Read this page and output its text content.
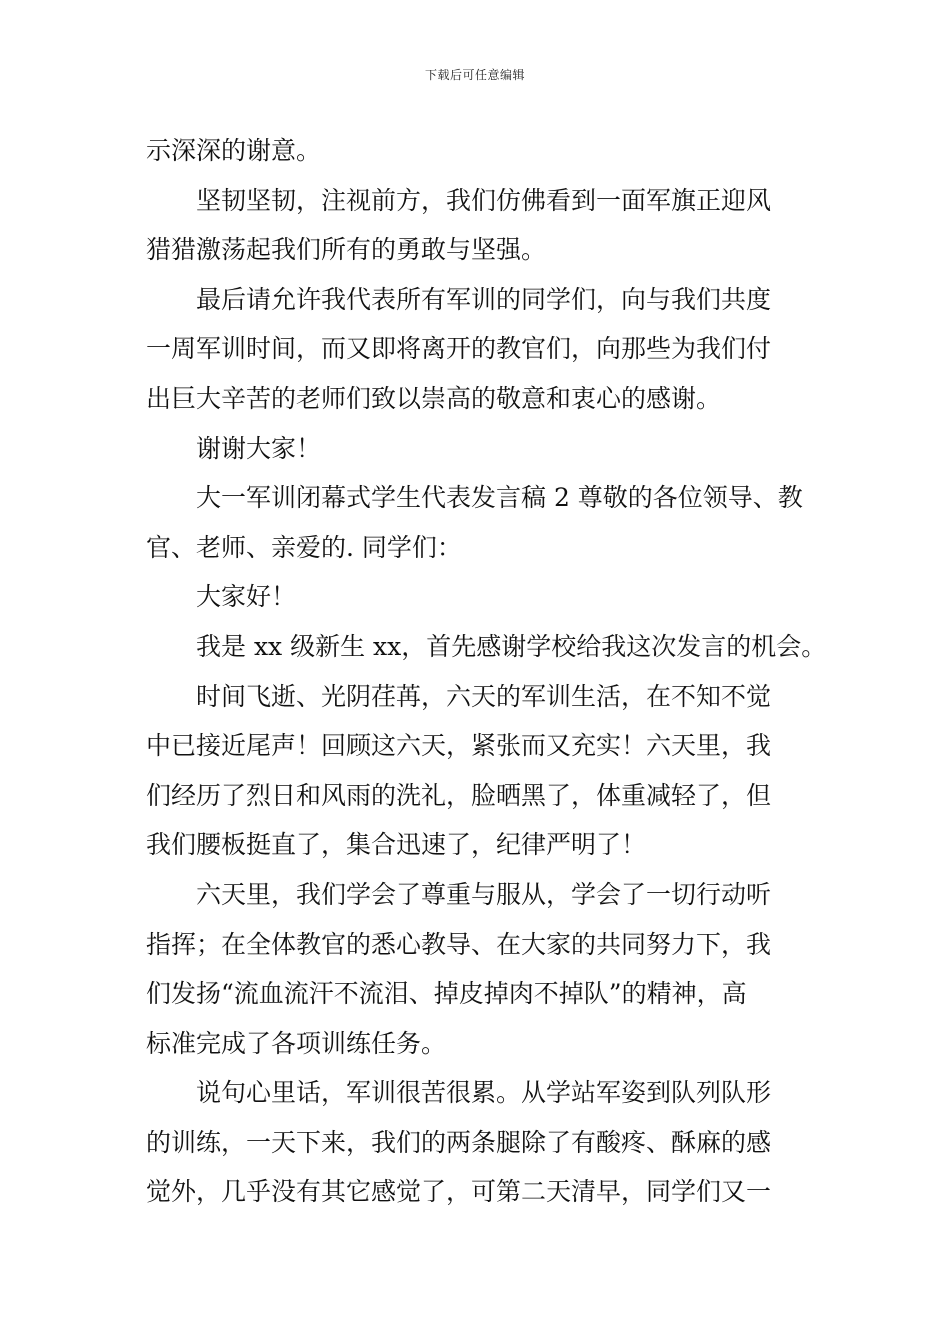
下载后可任意编辑
示深深的谢意。
坚韧坚韧，注视前方，我们仿佛看到一面军旗正迎风
猎猎激荡起我们所有的勇敢与坚强。
最后请允许我代表所有军训的同学们，向与我们共度
一周军训时间，而又即将离开的教官们，向那些为我们付
出巨大辛苦的老师们致以崇高的敬意和衷心的感谢。
谢谢大家！
大一军训闭幕式学生代表发言稿 2 尊敬的各位领导、教
官、老师、亲爱的. 同学们：
大家好！
我是 xx 级新生 xx，首先感谢学校给我这次发言的机会。
时间飞逝、光阴荏苒，六天的军训生活，在不知不觉
中已接近尾声！回顾这六天，紧张而又充实！六天里，我
们经历了烈日和风雨的洗礼，脸晒黑了，体重减轻了，但
我们腰板挺直了，集合迅速了，纪律严明了！
六天里，我们学会了尊重与服从，学会了一切行动听
指挥；在全体教官的悉心教导、在大家的共同努力下，我
们发扬“流血流汗不流泪、掉皮掉肉不掉队”的精神，高
标准完成了各项训练任务。
说句心里话，军训很苦很累。从学站军姿到队列队形
的训练，一天下来，我们的两条腿除了有酸疼、酥麻的感
觉外，几乎没有其它感觉了，可第二天清早，同学们又一
